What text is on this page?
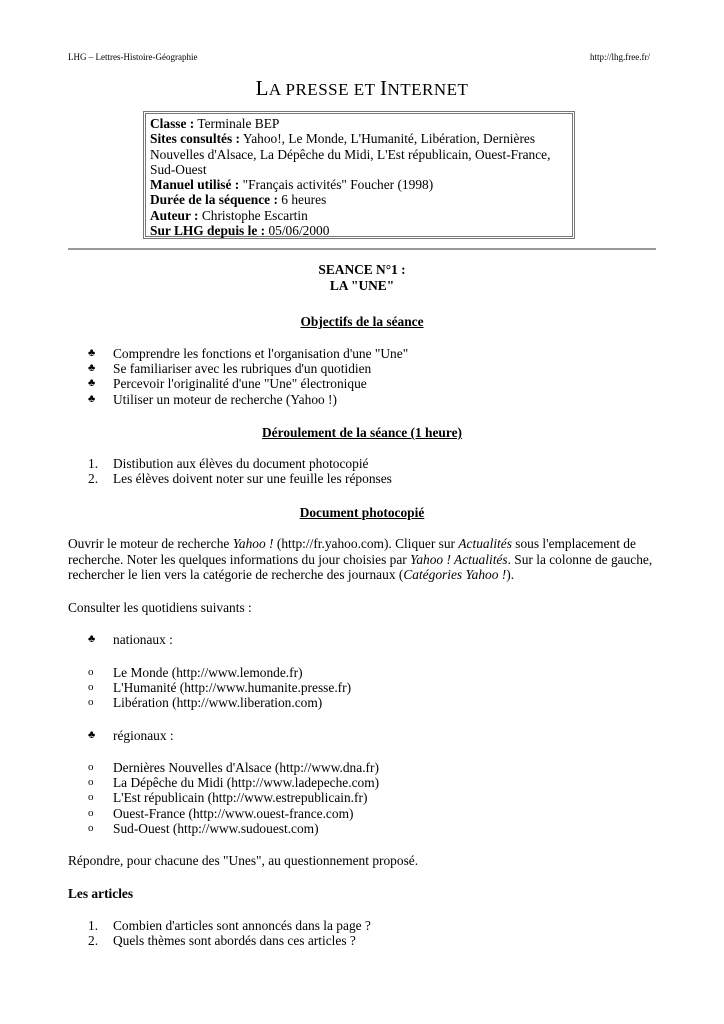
LHG – Lettres-Histoire-Géographie	http://lhg.free.fr/
LA PRESSE ET INTERNET
Classe : Terminale BEP
Sites consultés : Yahoo!, Le Monde, L'Humanité, Libération, Dernières Nouvelles d'Alsace, La Dépêche du Midi, L'Est républicain, Ouest-France, Sud-Ouest
Manuel utilisé : "Français activités" Foucher (1998)
Durée de la séquence : 6 heures
Auteur : Christophe Escartin
Sur LHG depuis le : 05/06/2000
SEANCE N°1 :
LA "UNE"
Objectifs de la séance
♣ Comprendre les fonctions et l'organisation d'une "Une"
♣ Se familiariser avec les rubriques d'un quotidien
♣ Percevoir l'originalité d'une "Une" électronique
♣ Utiliser un moteur de recherche (Yahoo !)
Déroulement de la séance (1 heure)
1. Distibution aux élèves du document photocopié
2. Les élèves doivent noter sur une feuille les réponses
Document photocopié
Ouvrir le moteur de recherche Yahoo ! (http://fr.yahoo.com). Cliquer sur Actualités sous l'emplacement de recherche. Noter les quelques informations du jour choisies par Yahoo ! Actualités. Sur la colonne de gauche, rechercher le lien vers la catégorie de recherche des journaux (Catégories Yahoo !).
Consulter les quotidiens suivants :
♣ nationaux :
o Le Monde (http://www.lemonde.fr)
o L'Humanité (http://www.humanite.presse.fr)
o Libération (http://www.liberation.com)
♣ régionaux :
o Dernières Nouvelles d'Alsace (http://www.dna.fr)
o La Dépêche du Midi (http://www.ladepeche.com)
o L'Est républicain (http://www.estrepublicain.fr)
o Ouest-France (http://www.ouest-france.com)
o Sud-Ouest (http://www.sudouest.com)
Répondre, pour chacune des "Unes", au questionnement proposé.
Les articles
1. Combien d'articles sont annoncés dans la page ?
2. Quels thèmes sont abordés dans ces articles ?
